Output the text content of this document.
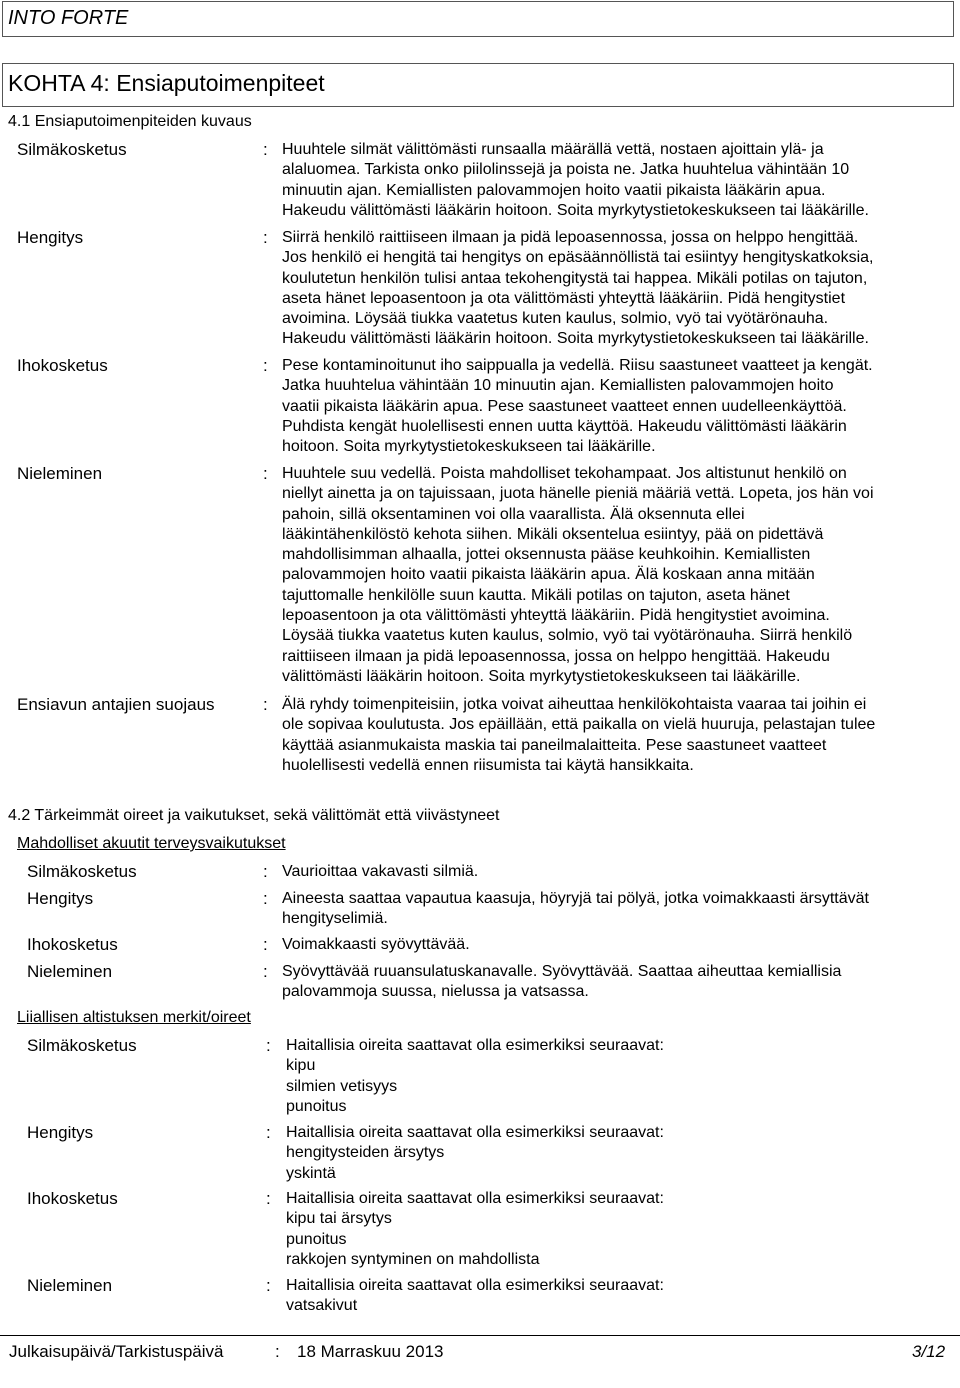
INTO FORTE
KOHTA 4: Ensiaputoimenpiteet
4.1 Ensiaputoimenpiteiden kuvaus
Silmäkosketus	: Huuhtele silmät välittömästi runsaalla määrällä vettä, nostaen ajoittain ylä- ja
alaluomea. Tarkista onko piilolinssejä ja poista ne. Jatka huuhtelua vähintään 10
minuutin ajan. Kemiallisten palovammojen hoito vaatii pikaista lääkärin apua.
Hakeudu välittömästi lääkärin hoitoon. Soita myrkytystietokeskukseen tai lääkärille.
Hengitys	: Siirrä henkilö raittiiseen ilmaan ja pidä lepoasennossa, jossa on helppo hengittää.
Jos henkilö ei hengitä tai hengitys on epäsäännöllistä tai esiintyy hengityskatkoksia,
koulutetun henkilön tulisi antaa tekohengitystä tai happea. Mikäli potilas on tajuton,
aseta hänet lepoasentoon ja ota välittömästi yhteyttä lääkäriin. Pidä hengitystiet
avoimina. Löysää tiukka vaatetus kuten kaulus, solmio, vyö tai vyötärönauha.
Hakeudu välittömästi lääkärin hoitoon. Soita myrkytystietokeskukseen tai lääkärille.
Ihokosketus	: Pese kontaminoitunut iho saippualla ja vedellä. Riisu saastuneet vaatteet ja kengät.
Jatka huuhtelua vähintään 10 minuutin ajan. Kemiallisten palovammojen hoito
vaatii pikaista lääkärin apua. Pese saastuneet vaatteet ennen uudelleenkäyttöä.
Puhdista kengät huolellisesti ennen uutta käyttöä. Hakeudu välittömästi lääkärin
hoitoon. Soita myrkytystietokeskukseen tai lääkärille.
Nieleminen	: Huuhtele suu vedellä. Poista mahdolliset tekohampaat. Jos altistunut henkilö on
niellyt ainetta ja on tajuissaan, juota hänelle pieniä määriä vettä. Lopeta, jos hän voi
pahoin, sillä oksentaminen voi olla vaarallista. Älä oksennuta ellei
lääkintähenkilöstö kehota siihen. Mikäli oksentelua esiintyy, pää on pidettävä
mahdollisimman alhaalla, jottei oksennusta pääse keuhkoihin. Kemiallisten
palovammojen hoito vaatii pikaista lääkärin apua. Älä koskaan anna mitään
tajuttomalle henkilölle suun kautta. Mikäli potilas on tajuton, aseta hänet
lepoasentoon ja ota välittömästi yhteyttä lääkäriin. Pidä hengitystiet avoimina.
Löysää tiukka vaatetus kuten kaulus, solmio, vyö tai vyötärönauha. Siirrä henkilö
raittiiseen ilmaan ja pidä lepoasennossa, jossa on helppo hengittää. Hakeudu
välittömästi lääkärin hoitoon. Soita myrkytystietokeskukseen tai lääkärille.
Ensiavun antajien suojaus	: Älä ryhdy toimenpiteisiin, jotka voivat aiheuttaa henkilökohtaista vaaraa tai joihin ei
ole sopivaa koulutusta. Jos epäillään, että paikalla on vielä huuruja, pelastajan tulee
käyttää asianmukaista maskia tai paneilmalaitteita. Pese saastuneet vaatteet
huolellisesti vedellä ennen riisumista tai käytä hansikkaita.
4.2 Tärkeimmät oireet ja vaikutukset, sekä välittömät että viivästyneet
Mahdolliset akuutit terveysvaikutukset
Silmäkosketus	: Vaurioittaa vakavasti silmiä.
Hengitys	: Aineesta saattaa vapautua kaasuja, höyryjä tai pölyä, jotka voimakkaasti ärsyttävät
hengityselimiä.
Ihokosketus	: Voimakkaasti syövyttävää.
Nieleminen	: Syövyttävää ruuansulatuskanavalle. Syövyttävää. Saattaa aiheuttaa kemiallisia
palovammoja suussa, nielussa ja vatsassa.
Liiallisen altistuksen merkit/oireet
Silmäkosketus	: Haitallisia oireita saattavat olla esimerkiksi seuraavat:
kipu
silmien vetisyys
punoitus
Hengitys	: Haitallisia oireita saattavat olla esimerkiksi seuraavat:
hengitysteiden ärsytys
yskintä
Ihokosketus	: Haitallisia oireita saattavat olla esimerkiksi seuraavat:
kipu tai ärsytys
punoitus
rakkojen syntyminen on mahdollista
Nieleminen	: Haitallisia oireita saattavat olla esimerkiksi seuraavat:
vatsakivut
Julkaisupäivä/Tarkistuspäivä	: 18 Marraskuu 2013	3/12
